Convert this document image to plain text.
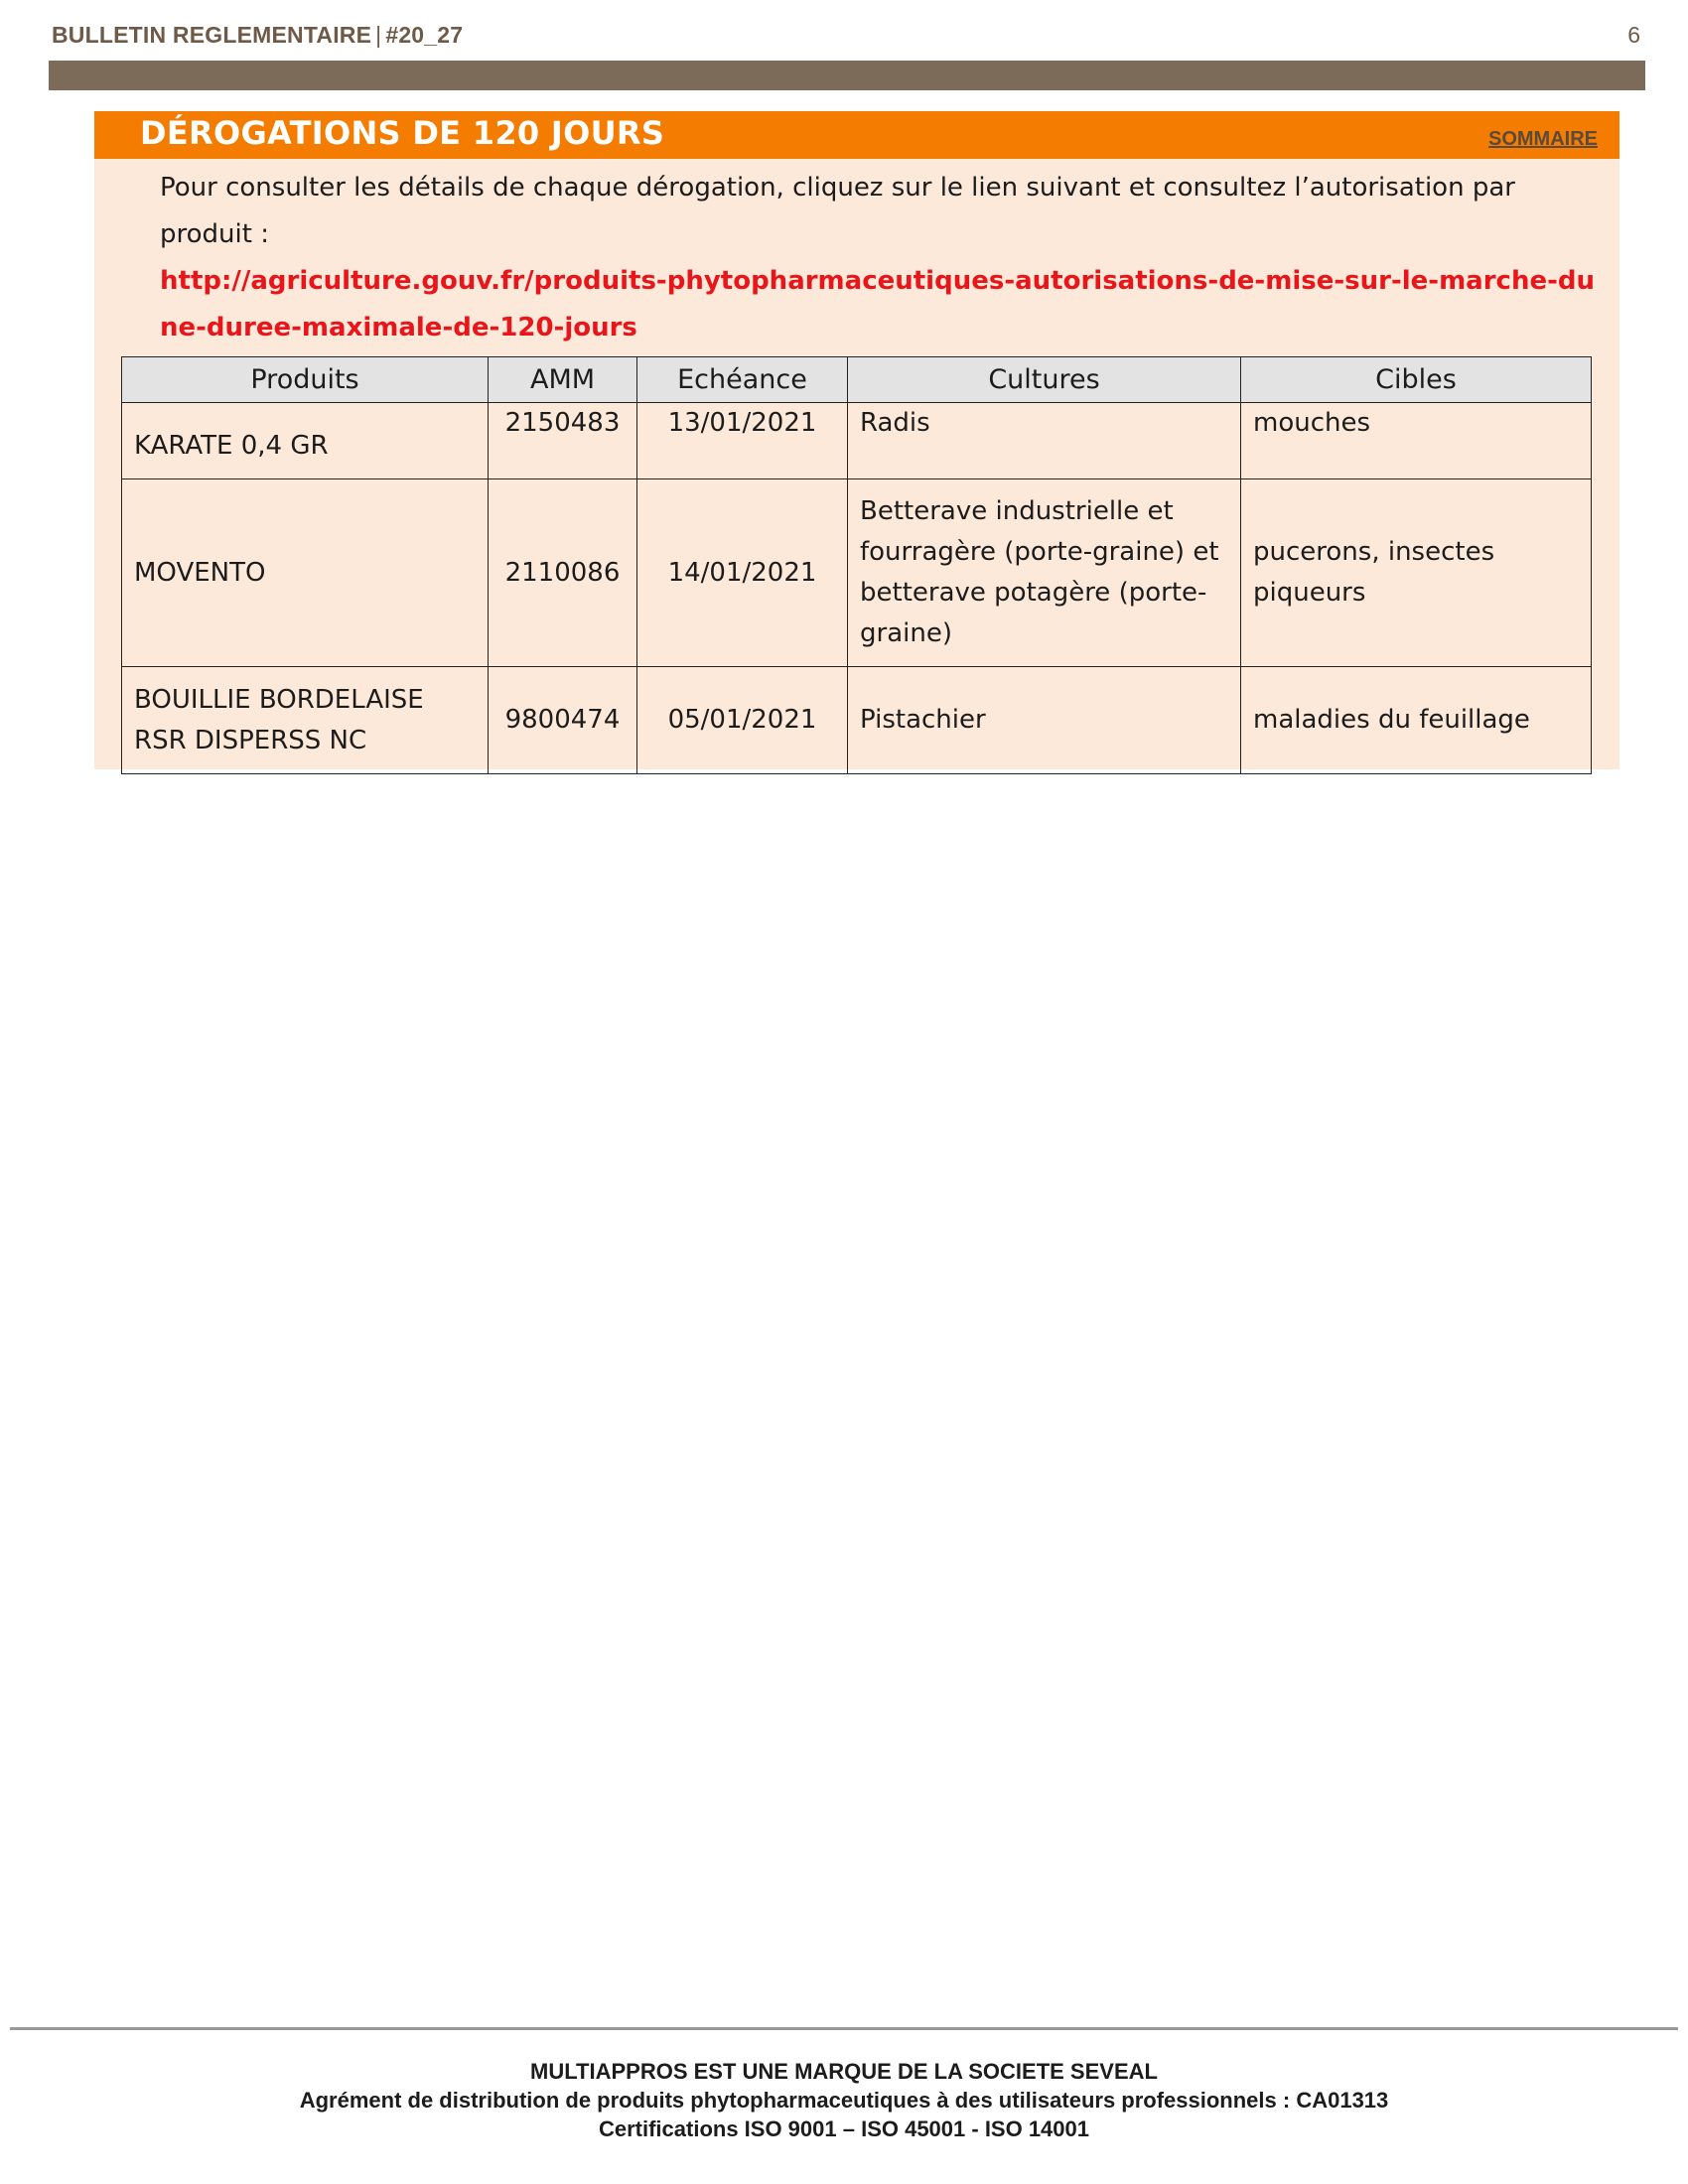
BULLETIN REGLEMENTAIRE | #20_27	6
DÉROGATIONS DE 120 JOURS	SOMMAIRE
Pour consulter les détails de chaque dérogation, cliquez sur le lien suivant et consultez l’autorisation par produit :
http://agriculture.gouv.fr/produits-phytopharmaceutiques-autorisations-de-mise-sur-le-marche-dune-duree-maximale-de-120-jours
Produits	AMM	Echéance	Cultures	Cibles
KARATE 0,4 GR	2150483	13/01/2021	Radis	mouches
MOVENTO	2110086	14/01/2021	Betterave industrielle et fourragère (porte-graine) et betterave potagère (porte-graine)	pucerons, insectes piqueurs
BOUILLIE BORDELAISE RSR DISPERSS NC	9800474	05/01/2021	Pistachier	maladies du feuillage
MULTIAPPROS EST UNE MARQUE DE LA SOCIETE SEVEAL
Agrément de distribution de produits phytopharmaceutiques à des utilisateurs professionnels : CA01313
Certifications ISO 9001 – ISO 45001 - ISO 14001
